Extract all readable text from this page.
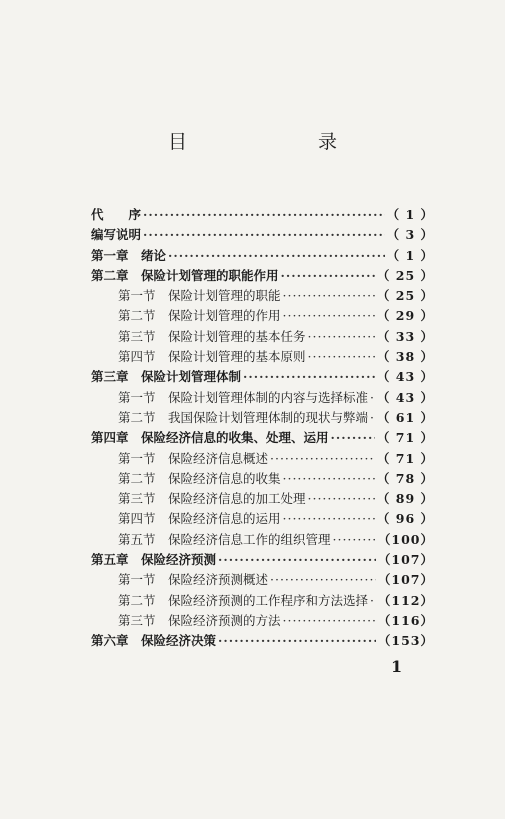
目　录
代　　序 ·····	（ 1 ）
编写说明 ·····	（ 3 ）
第一章　绪论 ·····	（ 1 ）
第二章　保险计划管理的职能作用 ·····	（ 25 ）
第一节　保险计划管理的职能 ·····	（ 25 ）
第二节　保险计划管理的作用 ·····	（ 29 ）
第三节　保险计划管理的基本任务 ·····	（ 33 ）
第四节　保险计划管理的基本原则 ·····	（ 38 ）
第三章　保险计划管理体制 ·····	（ 43 ）
第一节　保险计划管理体制的内容与选择标准 ····· （ 43 ）
第二节　我国保险计划管理体制的现状与弊端 ····· （ 61 ）
第四章　保险经济信息的收集、处理、运用 ·····	（ 71 ）
第一节　保险经济信息概述 ·····	（ 71 ）
第二节　保险经济信息的收集 ·····	（ 78 ）
第三节　保险经济信息的加工处理 ·····	（ 89 ）
第四节　保险经济信息的运用 ·····	（ 96 ）
第五节　保险经济信息工作的组织管理 ·····	（100）
第五章　保险经济预测 ·····	（107）
第一节　保险经济预测概述 ·····	（107）
第二节　保险经济预测的工作程序和方法选择 ····· （112）
第三节　保险经济预测的方法 ·····	（116）
第六章　保险经济决策 ·····	（153）
1
